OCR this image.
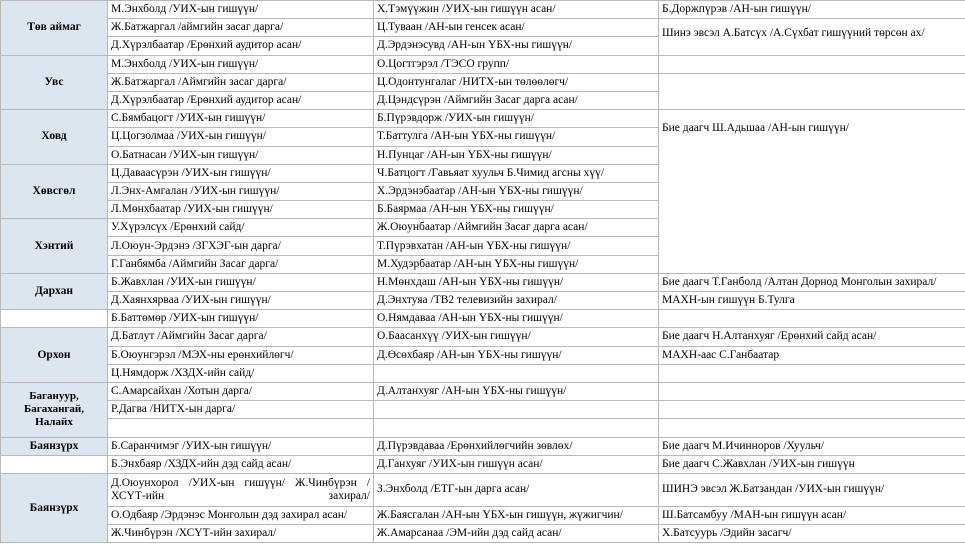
Төв аймаг	М.Энхболд /УИХ-ын гишүүн/	Х.Тэмүүжин /УИХ-ын гишүүн асан/	Б.Доржпүрэв /АН-ын гишүүн/
	Ж.Батжаргал /аймгийн засаг дарга/	Ц.Туваан /АН-ын генсек асан/	Шинэ эвсэл А.Батсүх /А.Сүхбат гишүүний төрсөн ах/
	Д.Хүрэлбаатар /Ерөнхий аудитор асан/	Д.Эрдэнэсувд /АН-ын ҮБХ-ны гишүүн/	
Увс	М.Энхболд /УИХ-ын гишүүн/	О.Цогтгэрэл /ТЭСО групп/	
	Ж.Батжаргал /Аймгийн засаг дарга/	Ц.Одонтунгалаг /НИТХ-ын төлөөлөгч/	
	Д.Хүрэлбаатар /Ерөнхий аудитор асан/	Д.Цэндсүрэн /Аймгийн Засаг дарга асан/	
Ховд	С.Бямбацогт /УИХ-ын гишүүн/	Б.Пүрэвдорж /УИХ-ын гишүүн/	Бие даагч Ш.Адьшаа /АН-ын гишүүн/
	Ц.Цогзолмаа /УИХ-ын гишүүн/	Т.Баттулга /АН-ын ҮБХ-ны гишүүн/	
	О.Батнасан /УИХ-ын гишүүн/	Н.Пунцаг /АН-ын ҮБХ-ны гишүүн/	
Хөвсгөл	Ц.Даваасүрэн /УИХ-ын гишүүн/	Ч.Батцогт /Гавьяат хуульч Б.Чимид агсны хүү/	
	Л.Энх-Амгалан /УИХ-ын гишүүн/	Х.Эрдэнэбаатар /АН-ын ҮБХ-ны гишүүн/	
	Л.Мөнхбаатар /УИХ-ын гишүүн/	Б.Баярмаа /АН-ын ҮБХ-ны гишүүн/	
Хэнтий	У.Хүрэлсүх /Ерөнхий сайд/	Ж.Оюунбаатар /Аймгийн Засаг дарга асан/	
	Л.Оюун-Эрдэнэ /ЗГХЭГ-ын дарга/	Т.Пүрэвхатан /АН-ын ҮБХ-ны гишүүн/	
	Г.Ганбямба /Аймгийн Засаг дарга/	М.Худэрбаатар /АН-ын ҮБХ-ны гишүүн/	
Дархан	Б.Жавхлан /УИХ-ын гишүүн/	Н.Мөнхдаш /АН-ын ҮБХ-ны гишүүн/	Бие даагч Т.Ганболд /Алтан Дорнод Монголын захирал/
	Д.Хаянхярваа /УИХ-ын гишүүн/	Д.Энхтуяа /ТВ2 телевизийн захирал/	МАХН-ын гишүүн Б.Тулга
	Б.Баттөмөр /УИХ-ын гишүүн/	О.Нямдаваа /АН-ын ҮБХ-ны гишүүн/	
Орхон	Д.Батлут /Аймгийн Засаг дарга/	О.Баасанхүү /УИХ-ын гишүүн/	Бие даагч Н.Алтанхуяг /Ерөнхий сайд асан/
	Б.Оюунгэрэл /МЭХ-ны ерөнхийлөгч/	Д.Өсөхбаяр /АН-ын ҮБХ-ны гишүүн/	МАХН-аас С.Ганбаатар
	Ц.Нямдорж /ХЗДХ-ийн сайд/		
Багануур, Багахангай, Налайх	С.Амарсайхан /Хотын дарга/	Д.Алтанхуяг /АН-ын ҮБХ-ны гишүүн/	
	Р.Дагва /НИТХ-ын дарга/		

Баянзүрх	Б.Саранчимэг /УИХ-ын гишүүн/	Д.Пүрэвдаваа /Ерөнхийлөгчийн зөвлөх/	Бие даагч М.Ичинноров /Хуульч/
	Б.Энхбаяр /ХЗДХ-ийн дэд сайд асан/	Д.Ганхуяг /УИХ-ын гишүүн асан/	Бие даагч С.Жавхлан /УИХ-ын гишүүн
Баянзүрх	Д.Оюунхорол /УИХ-ын гишүүн/ Ж.Чинбүрэн /ХСҮТ-ийн захирал/	З.Энхболд /ЕТГ-ын дарга асан/	ШИНЭ эвсэл Ж.Батзандан /УИХ-ын гишүүн/
	О.Одбаяр /Эрдэнэс Монголын дэд захирал асан/	Ж.Баясгалан /АН-ын ҮБХ-ын гишүүн, жүжигчин/	Ш.Батсамбуу /МАН-ын гишүүн асан/
	Ж.Чинбүрэн /ХСҮТ-ийн захирал/	Ж.Амарсанаа /ЭМ-ийн дэд сайд асан/	Х.Батсуурь /Эдийн засагч/
